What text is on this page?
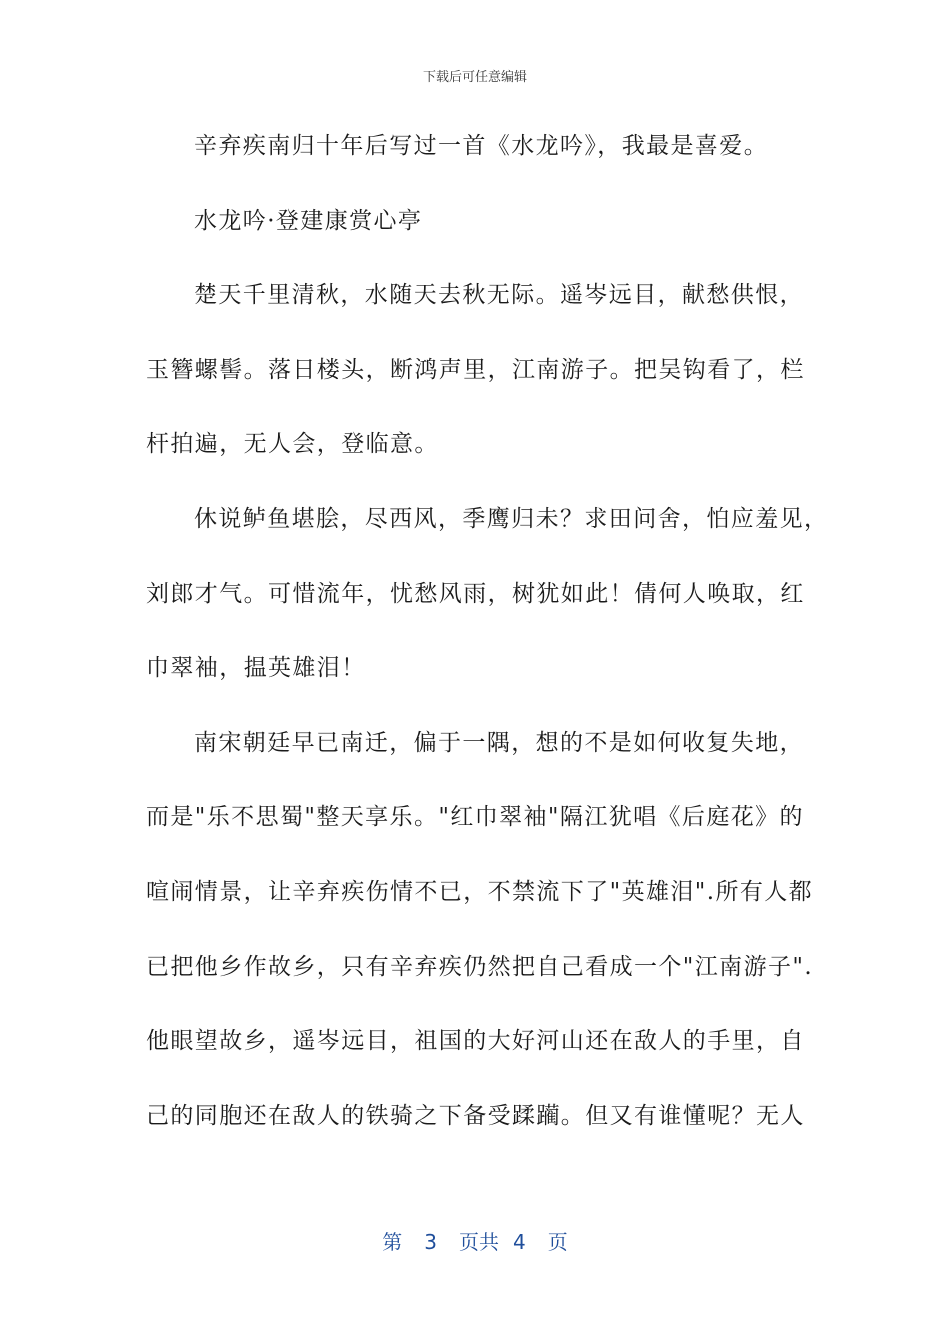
下载后可任意编辑

辛弃疾南归十年后写过一首《水龙吟》，我最是喜爱。

水龙吟·登建康赏心亭

楚天千里清秋，水随天去秋无际。遥岑远目，献愁供恨，

玉簪螺髻。落日楼头，断鸿声里，江南游子。把吴钩看了，栏

杆拍遍，无人会，登临意。

休说鲈鱼堪脍，尽西风，季鹰归未？求田问舍，怕应羞见，

刘郎才气。可惜流年，忧愁风雨，树犹如此！倩何人唤取，红

巾翠袖，揾英雄泪！

南宋朝廷早已南迁，偏于一隅，想的不是如何收复失地，

而是"乐不思蜀"整天享乐。"红巾翠袖"隔江犹唱《后庭花》的

喧闹情景，让辛弃疾伤情不已，不禁流下了"英雄泪".所有人都

已把他乡作故乡，只有辛弃疾仍然把自己看成一个"江南游子".

他眼望故乡，遥岑远目，祖国的大好河山还在敌人的手里，自

己的同胞还在敌人的铁骑之下备受蹂躏。但又有谁懂呢？无人

第 3 页共 4 页
